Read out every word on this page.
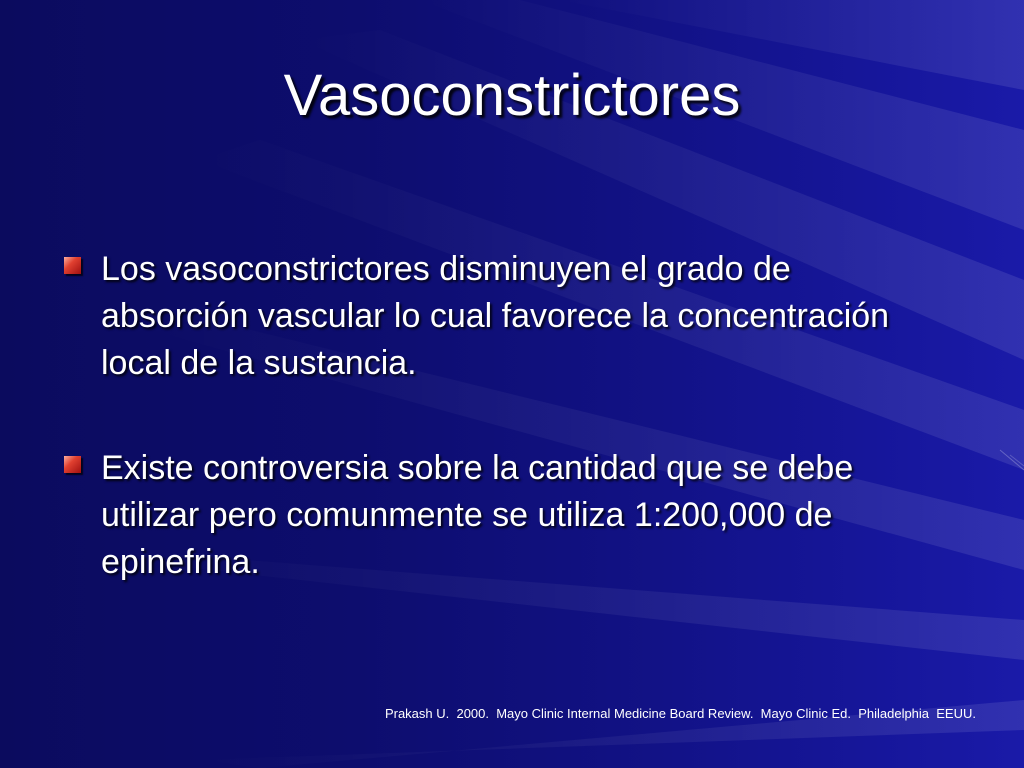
Vasoconstrictores
Los vasoconstrictores disminuyen el grado de absorción vascular lo cual favorece la concentración local de la sustancia.
Existe controversia sobre la cantidad que se debe utilizar pero comunmente se utiliza 1:200,000 de epinefrina.
Prakash U.  2000.  Mayo Clinic Internal Medicine Board Review.  Mayo Clinic Ed.  Philadelphia  EEUU.
